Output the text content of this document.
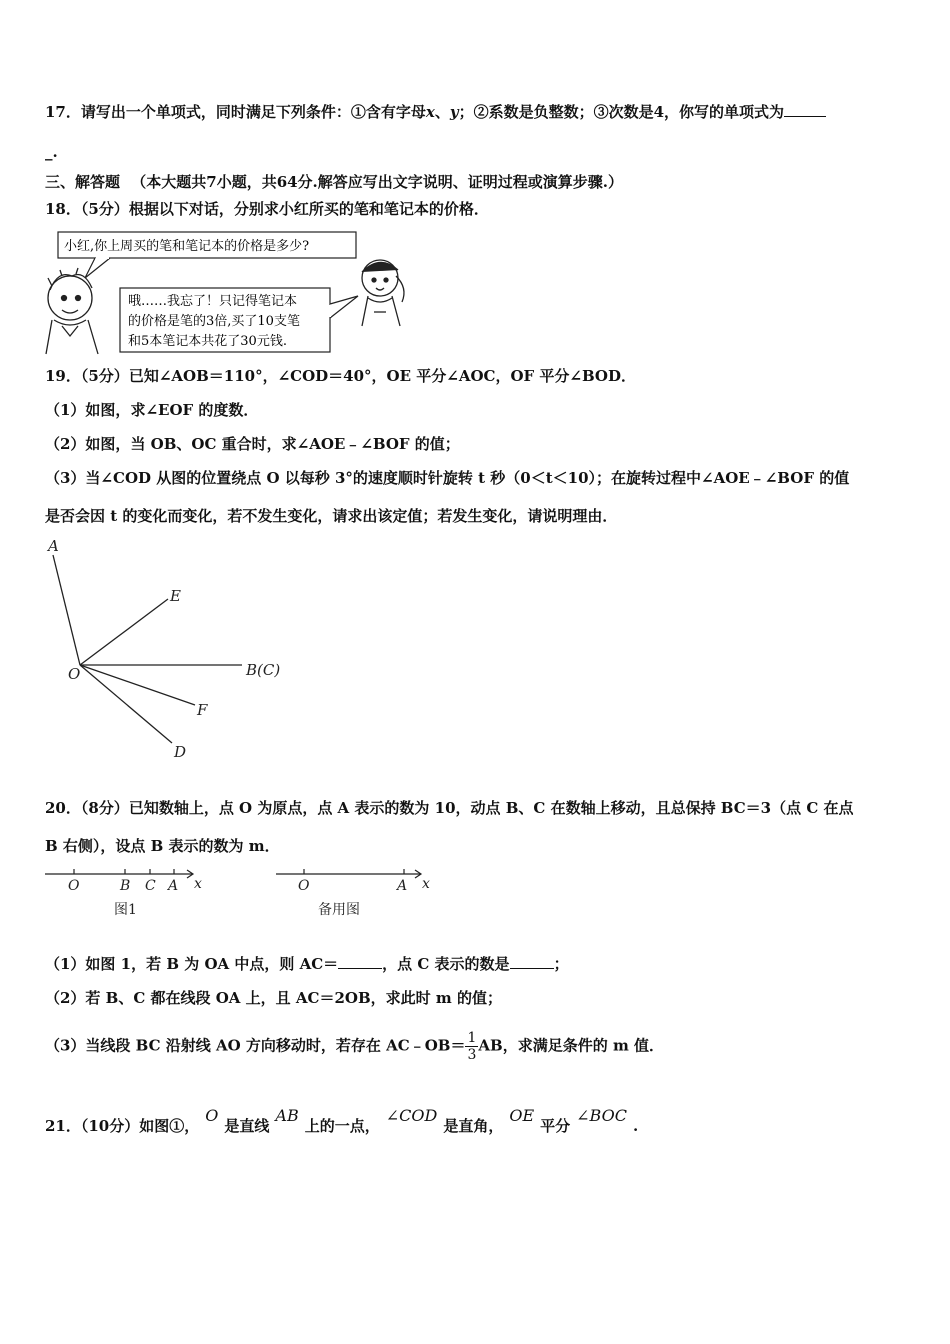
17．请写出一个单项式，同时满足下列条件：①含有字母x、y；②系数是负整数；③次数是4，你写的单项式为
_.
三、解答题 （本大题共7小题，共64分.解答应写出文字说明、证明过程或演算步骤.）
18．（5分）根据以下对话，分别求小红所买的笔和笔记本的价格．
小红,你上周买的笔和笔记本的价格是多少?
哦……我忘了！只记得笔记本
的价格是笔的3倍,买了10支笔
和5本笔记本共花了30元钱.
19．（5分）已知∠AOB＝110°，∠COD＝40°，OE 平分∠AOC，OF 平分∠BOD．
（1）如图，求∠EOF 的度数．
（2）如图，当 OB、OC 重合时，求∠AOE﹣∠BOF 的值；
（3）当∠COD 从图的位置绕点 O 以每秒 3°的速度顺时针旋转 t 秒（0＜t＜10）；在旋转过程中∠AOE﹣∠BOF 的值
是否会因 t 的变化而变化，若不发生变化，请求出该定值；若发生变化，请说明理由．
A
E
O	B(C)
F
D
20．（8分）已知数轴上，点 O 为原点，点 A 表示的数为 10，动点 B、C 在数轴上移动，且总保持 BC＝3（点 C 在点
B 右侧），设点 B 表示的数为 m．
O	B C A x
图1
O	A x
备用图
（1）如图 1，若 B 为 OA 中点，则 AC＝	，点 C 表示的数是	；
（2）若 B、C 都在线段 OA 上，且 AC＝2OB，求此时 m 的值；
（3）当线段 BC 沿射线 AO 方向移动时，若存在 AC﹣OB＝ $\frac{1}{3}$ AB，求满足条件的 m 值．
21．（10分）如图①，O是直线AB上的一点，∠COD是直角，OE平分∠BOC.
